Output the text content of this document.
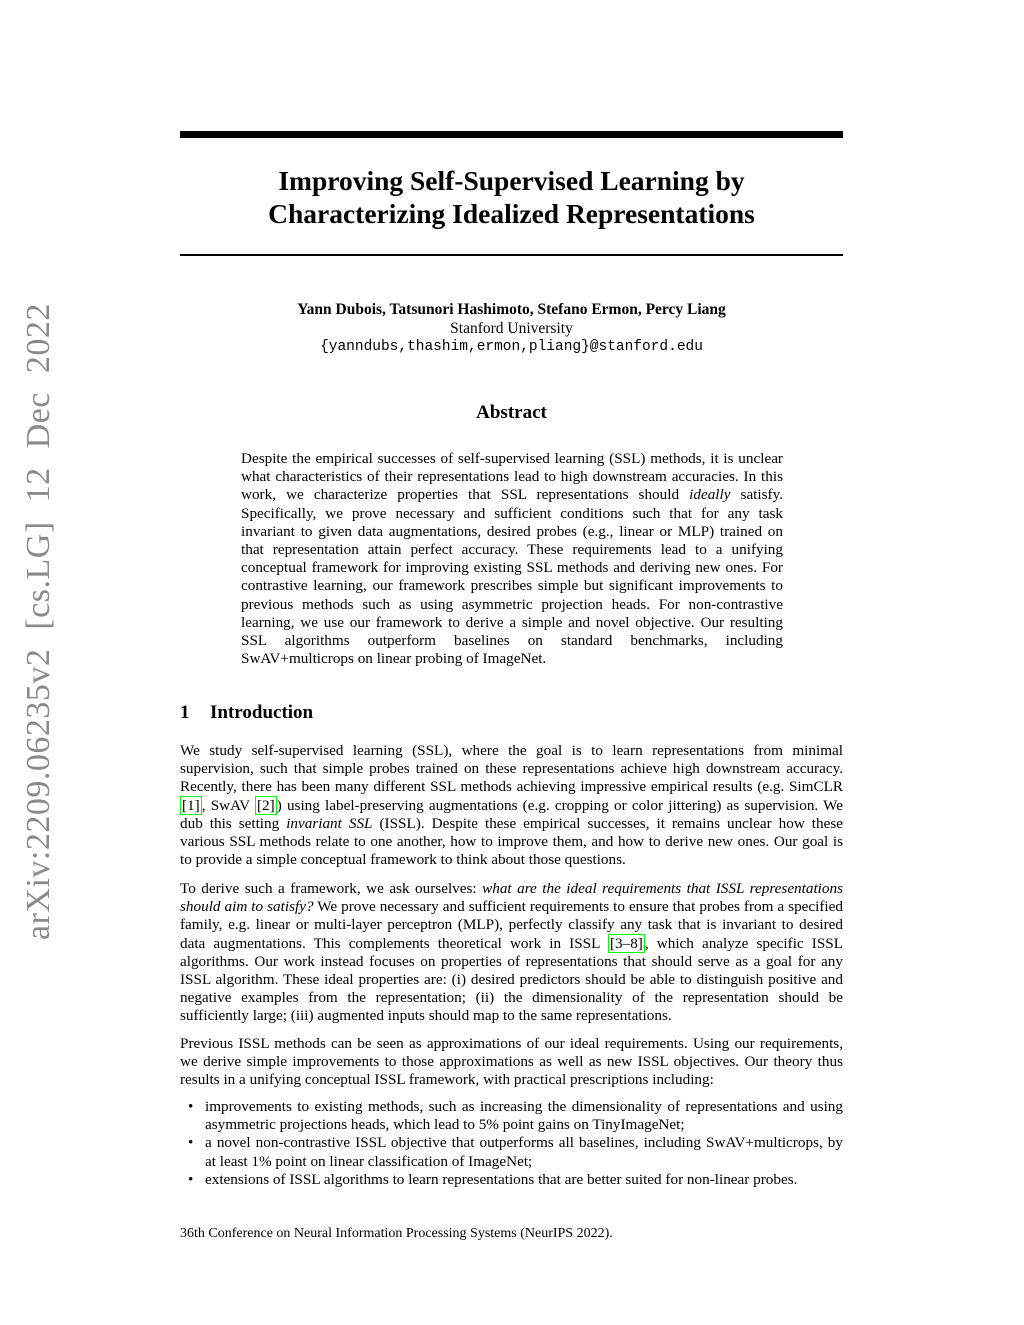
arXiv:2209.06235v2 [cs.LG] 12 Dec 2022
Improving Self-Supervised Learning by
Characterizing Idealized Representations
Yann Dubois, Tatsunori Hashimoto, Stefano Ermon, Percy Liang
Stanford University
{yanndubs,thashim,ermon,pliang}@stanford.edu
Abstract
Despite the empirical successes of self-supervised learning (SSL) methods, it is unclear what characteristics of their representations lead to high downstream accuracies. In this work, we characterize properties that SSL representations should ideally satisfy. Specifically, we prove necessary and sufficient conditions such that for any task invariant to given data augmentations, desired probes (e.g., linear or MLP) trained on that representation attain perfect accuracy. These requirements lead to a unifying conceptual framework for improving existing SSL methods and deriving new ones. For contrastive learning, our framework prescribes simple but significant improvements to previous methods such as using asymmetric projection heads. For non-contrastive learning, we use our framework to derive a simple and novel objective. Our resulting SSL algorithms outperform baselines on standard benchmarks, including SwAV+multicrops on linear probing of ImageNet.
1 Introduction
We study self-supervised learning (SSL), where the goal is to learn representations from minimal supervision, such that simple probes trained on these representations achieve high downstream accuracy. Recently, there has been many different SSL methods achieving impressive empirical results (e.g. SimCLR [1] , SwAV [2] ) using label-preserving augmentations (e.g. cropping or color jittering) as supervision. We dub this setting invariant SSL (ISSL). Despite these empirical successes, it remains unclear how these various SSL methods relate to one another, how to improve them, and how to derive new ones. Our goal is to provide a simple conceptual framework to think about those questions.
To derive such a framework, we ask ourselves: what are the ideal requirements that ISSL representations should aim to satisfy? We prove necessary and sufficient requirements to ensure that probes from a specified family, e.g. linear or multi-layer perceptron (MLP), perfectly classify any task that is invariant to desired data augmentations. This complements theoretical work in ISSL [3–8] , which analyze specific ISSL algorithms. Our work instead focuses on properties of representations that should serve as a goal for any ISSL algorithm. These ideal properties are: (i) desired predictors should be able to distinguish positive and negative examples from the representation; (ii) the dimensionality of the representation should be sufficiently large; (iii) augmented inputs should map to the same representations.
Previous ISSL methods can be seen as approximations of our ideal requirements. Using our requirements, we derive simple improvements to those approximations as well as new ISSL objectives. Our theory thus results in a unifying conceptual ISSL framework, with practical prescriptions including:
• improvements to existing methods, such as increasing the dimensionality of representations and using asymmetric projections heads, which lead to 5% point gains on TinyImageNet;
• a novel non-contrastive ISSL objective that outperforms all baselines, including SwAV+multicrops, by at least 1% point on linear classification of ImageNet;
• extensions of ISSL algorithms to learn representations that are better suited for non-linear probes.
36th Conference on Neural Information Processing Systems (NeurIPS 2022).
